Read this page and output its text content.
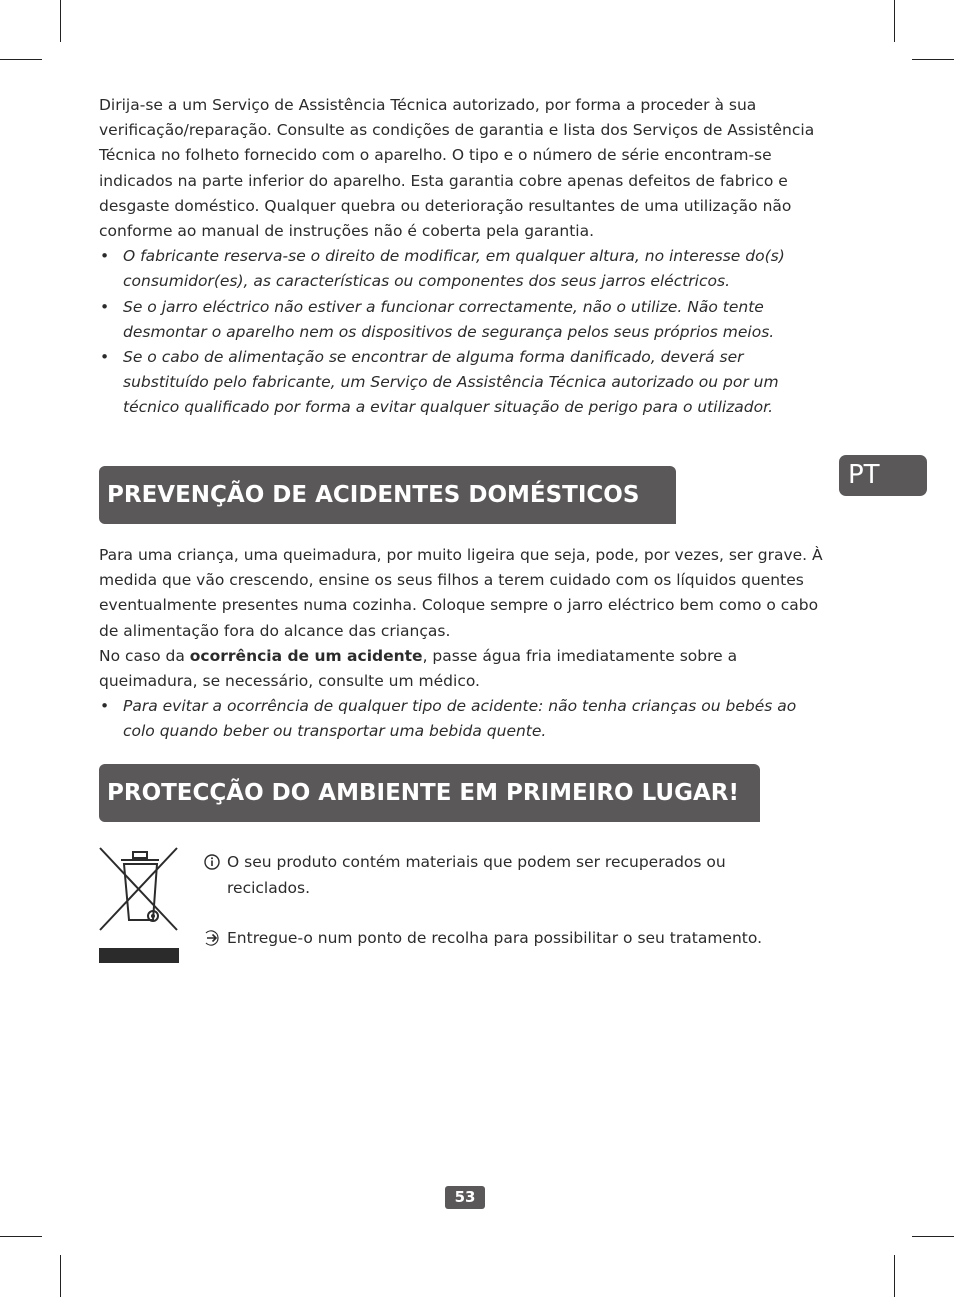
Dirija-se a um Serviço de Assistência Técnica autorizado, por forma a proceder à sua verificação/reparação. Consulte as condições de garantia e lista dos Serviços de Assistência Técnica no folheto fornecido com o aparelho. O tipo e o número de série encontram-se indicados na parte inferior do aparelho. Esta garantia cobre apenas defeitos de fabrico e desgaste doméstico. Qualquer quebra ou deterioração resultantes de uma utilização não conforme ao manual de instruções não é coberta pela garantia.

• O fabricante reserva-se o direito de modificar, em qualquer altura, no interesse do(s) consumidor(es), as características ou componentes dos seus jarros eléctricos.
• Se o jarro eléctrico não estiver a funcionar correctamente, não o utilize. Não tente desmontar o aparelho nem os dispositivos de segurança pelos seus próprios meios.
• Se o cabo de alimentação se encontrar de alguma forma danificado, deverá ser substituído pelo fabricante, um Serviço de Assistência Técnica autorizado ou por um técnico qualificado por forma a evitar qualquer situação de perigo para o utilizador.
PT
PREVENÇÃO DE ACIDENTES DOMÉSTICOS

Para uma criança, uma queimadura, por muito ligeira que seja, pode, por vezes, ser grave. À medida que vão crescendo, ensine os seus filhos a terem cuidado com os líquidos quentes eventualmente presentes numa cozinha. Coloque sempre o jarro eléctrico bem como o cabo de alimentação fora do alcance das crianças.

No caso da ocorrência de um acidente, passe água fria imediatamente sobre a queimadura, se necessário, consulte um médico.

• Para evitar a ocorrência de qualquer tipo de acidente: não tenha crianças ou bebés ao colo quando beber ou transportar uma bebida quente.
PROTECÇÃO DO AMBIENTE EM PRIMEIRO LUGAR!
O seu produto contém materiais que podem ser recuperados ou reciclados.
Entregue-o num ponto de recolha para possibilitar o seu tratamento.
53
